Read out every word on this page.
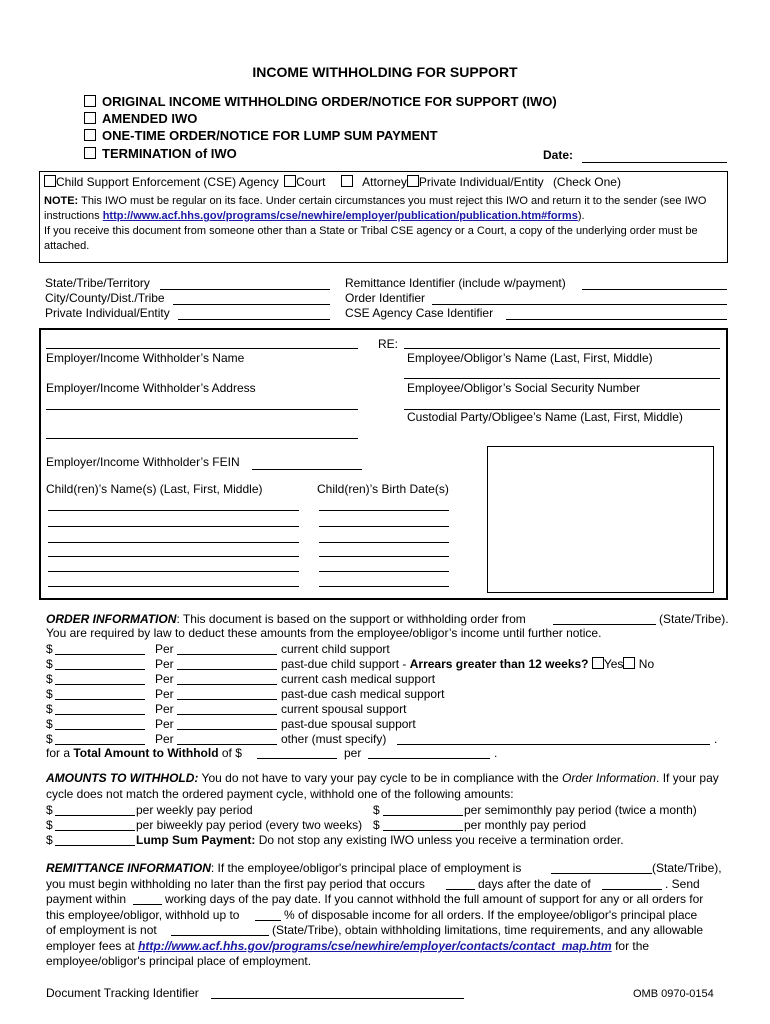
INCOME WITHHOLDING FOR SUPPORT
ORIGINAL INCOME WITHHOLDING ORDER/NOTICE FOR SUPPORT (IWO)
AMENDED IWO
ONE-TIME ORDER/NOTICE FOR LUMP SUM PAYMENT
TERMINATION of IWO	Date:
Child Support Enforcement (CSE) Agency Court	Attorney Private Individual/Entity (Check One)
NOTE: This IWO must be regular on its face. Under certain circumstances you must reject this IWO and return it to the sender (see IWO instructions http://www.acf.hhs.gov/programs/cse/newhire/employer/publication/publication.htm#forms).
If you receive this document from someone other than a State or Tribal CSE agency or a Court, a copy of the underlying order must be attached.
State/Tribe/Territory
City/County/Dist./Tribe
Private Individual/Entity
Remittance Identifier (include w/payment)
Order Identifier
CSE Agency Case Identifier
RE:
Employer/Income Withholder’s Name	Employee/Obligor’s Name (Last, First, Middle)
Employer/Income Withholder’s Address	Employee/Obligor’s Social Security Number
Custodial Party/Obligee’s Name (Last, First, Middle)
Employer/Income Withholder’s FEIN
Child(ren)’s Name(s) (Last, First, Middle)	Child(ren)’s Birth Date(s)
ORDER INFORMATION: This document is based on the support or withholding order from	(State/Tribe).
You are required by law to deduct these amounts from the employee/obligor’s income until further notice.
$	Per	current child support
$	Per	past-due child support - Arrears greater than 12 weeks? Yes No
$	Per	current cash medical support
$	Per	past-due cash medical support
$	Per	current spousal support
$	Per	past-due spousal support
$	Per	other (must specify)	.
for a Total Amount to Withhold of $	per	.
AMOUNTS TO WITHHOLD: You do not have to vary your pay cycle to be in compliance with the Order Information. If your pay cycle does not match the ordered payment cycle, withhold one of the following amounts:
$	per weekly pay period	$	per semimonthly pay period (twice a month)
$	per biweekly pay period (every two weeks) $	per monthly pay period
$	Lump Sum Payment: Do not stop any existing IWO unless you receive a termination order.
REMITTANCE INFORMATION: If the employee/obligor's principal place of employment is	(State/Tribe),
you must begin withholding no later than the first pay period that occurs	days after the date of	. Send
payment within	working days of the pay date. If you cannot withhold the full amount of support for any or all orders for
this employee/obligor, withhold up to	% of disposable income for all orders. If the employee/obligor's principal place
of employment is not	(State/Tribe), obtain withholding limitations, time requirements, and any allowable
employer fees at http://www.acf.hhs.gov/programs/cse/newhire/employer/contacts/contact_map.htm for the
employee/obligor's principal place of employment.
Document Tracking Identifier	OMB 0970-0154
